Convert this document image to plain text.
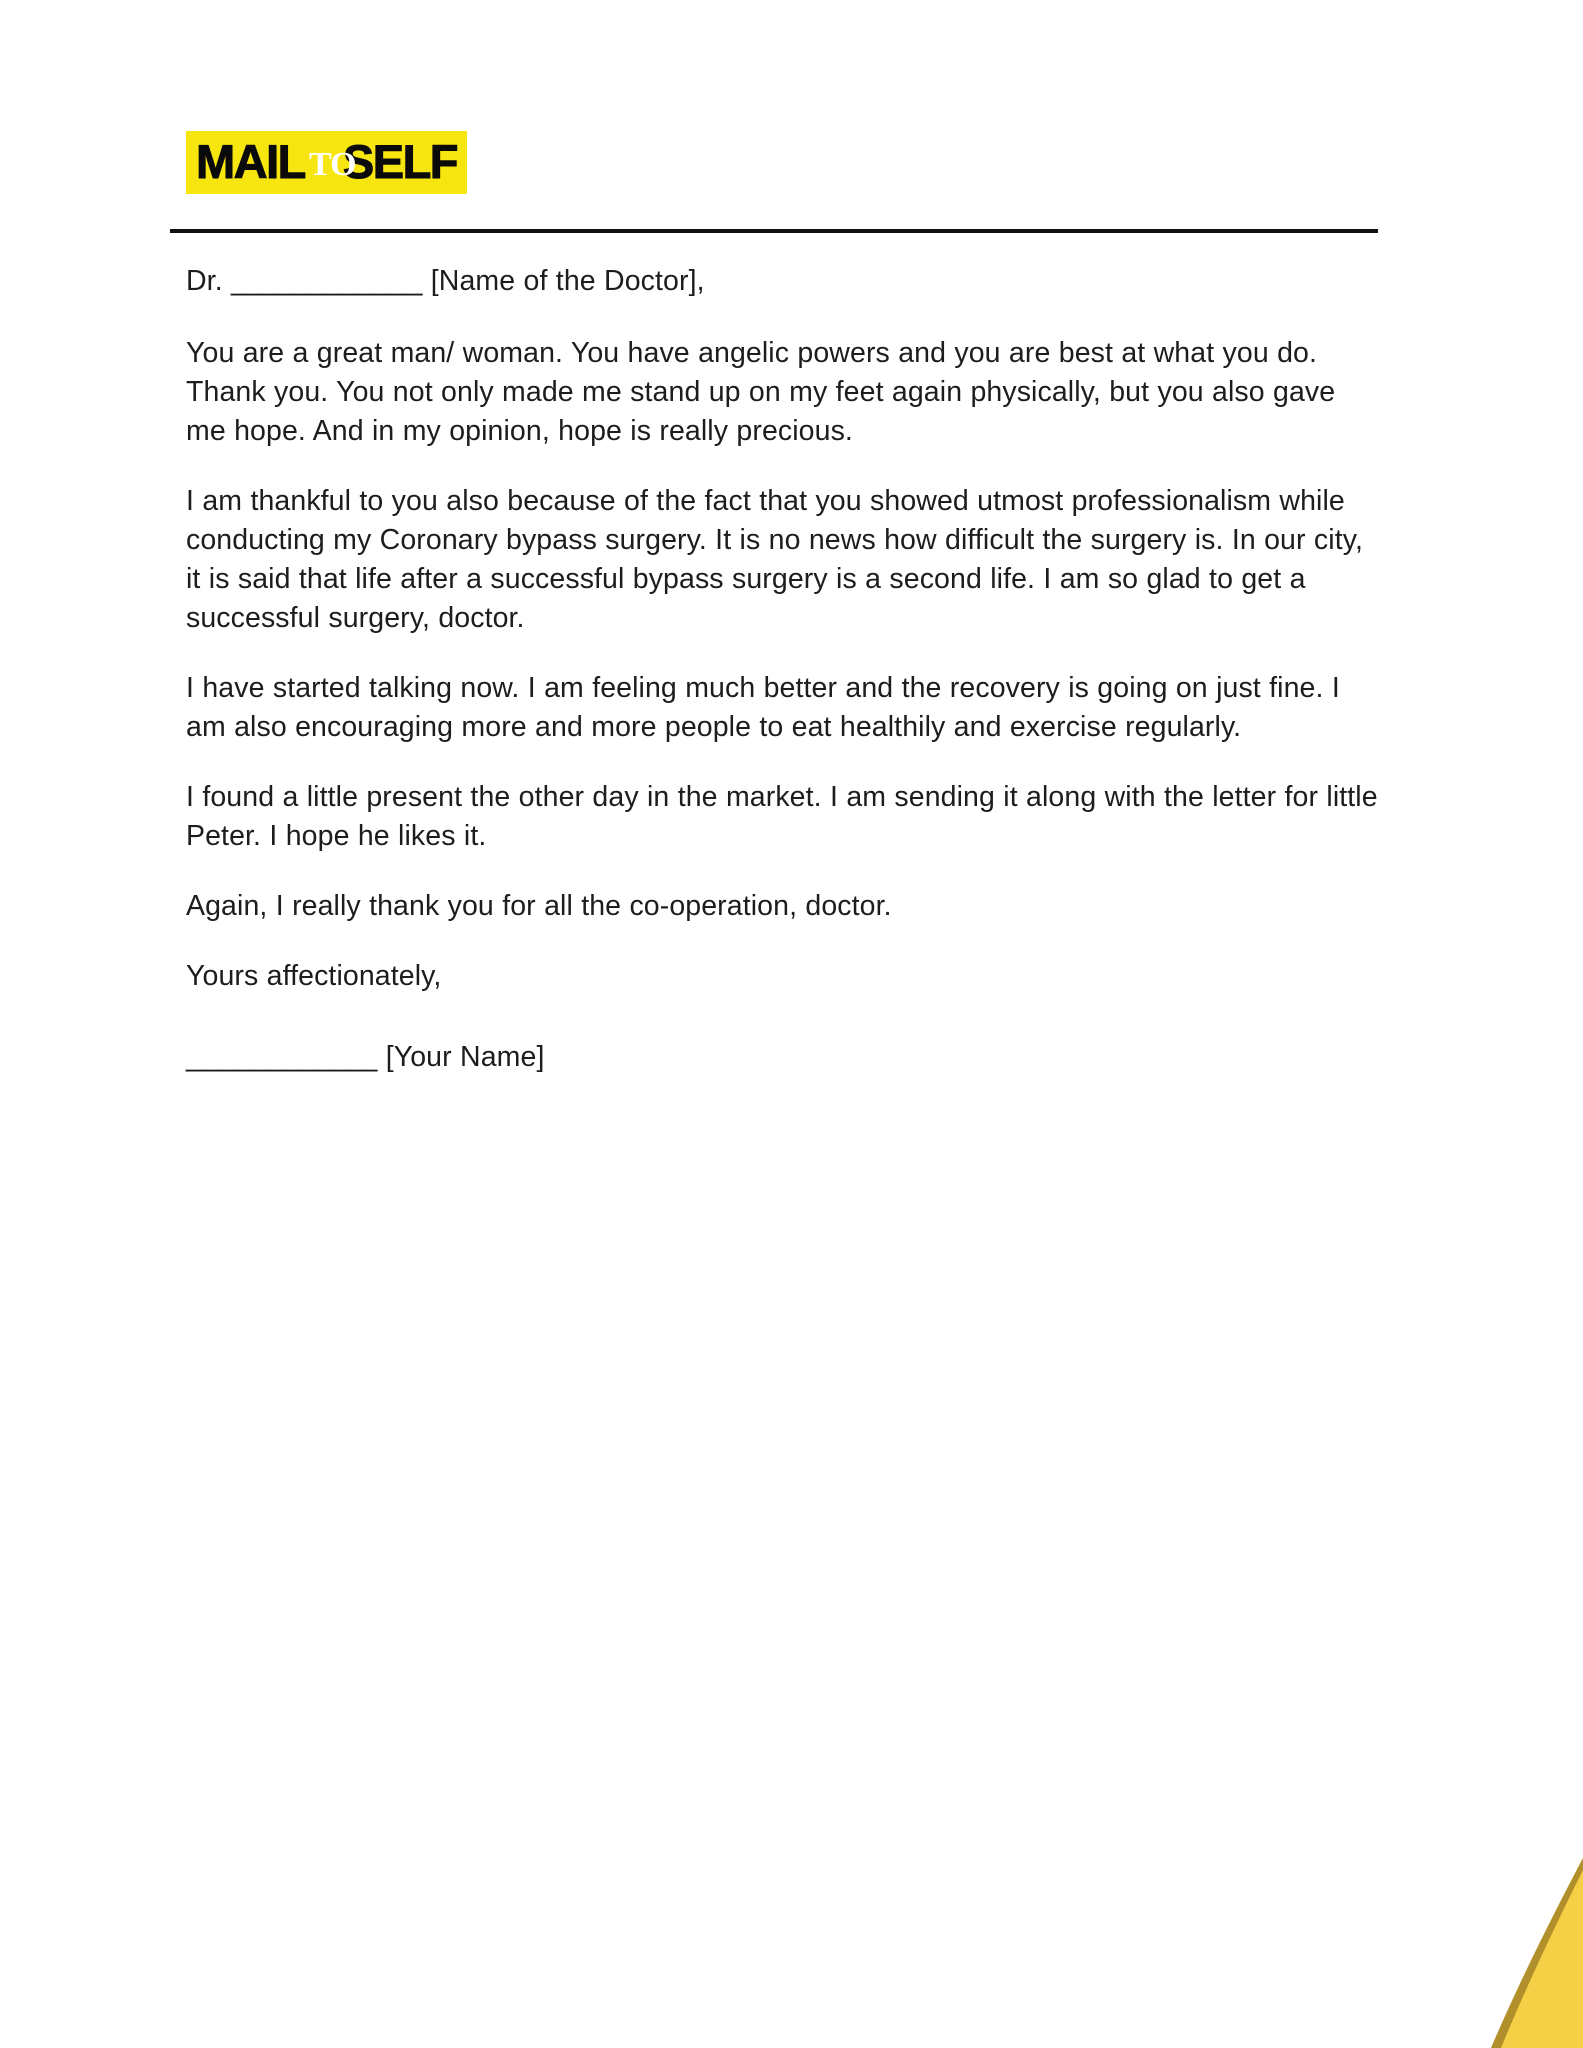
MAIL SELF
TO

Dr. ____________ [Name of the Doctor],

You are a great man/ woman. You have angelic powers and you are best at what you do. Thank you. You not only made me stand up on my feet again physically, but you also gave me hope. And in my opinion, hope is really precious.

I am thankful to you also because of the fact that you showed utmost professionalism while conducting my Coronary bypass surgery. It is no news how difficult the surgery is. In our city, it is said that life after a successful bypass surgery is a second life. I am so glad to get a successful surgery, doctor.

I have started talking now. I am feeling much better and the recovery is going on just fine. I am also encouraging more and more people to eat healthily and exercise regularly.

I found a little present the other day in the market. I am sending it along with the letter for little Peter. I hope he likes it.

Again, I really thank you for all the co-operation, doctor.

Yours affectionately,

____________ [Your Name]
